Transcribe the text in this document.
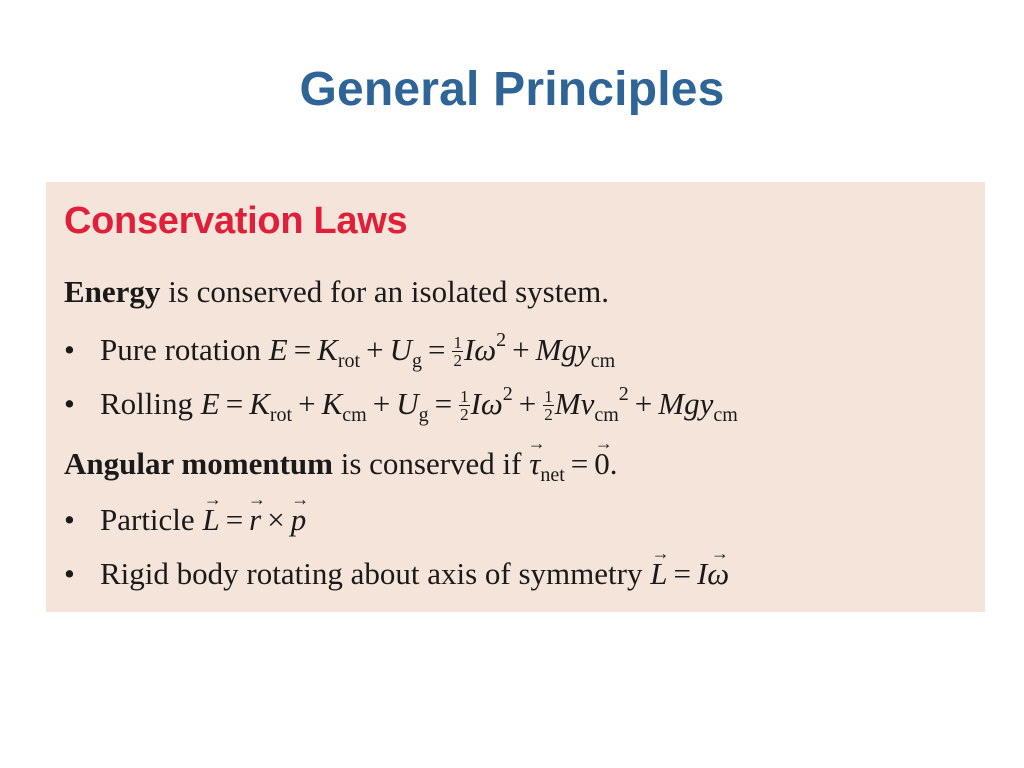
General Principles
Conservation Laws
Energy is conserved for an isolated system.
• Pure rotation $E = K_{rot} + U_g = \frac{1}{2} I\omega^2 + Mgy_{cm}$
• Rolling $E = K_{rot} + K_{cm} + U_g = \frac{1}{2} I\omega^2 + \frac{1}{2} Mv_{cm}^2 + Mgy_{cm}$
Angular momentum is conserved if → $\tau_{net} =\to 0$.
• Particle → L =→ r ×→ p
• Rigid body rotating about axis of symmetry → L = I→ ω
